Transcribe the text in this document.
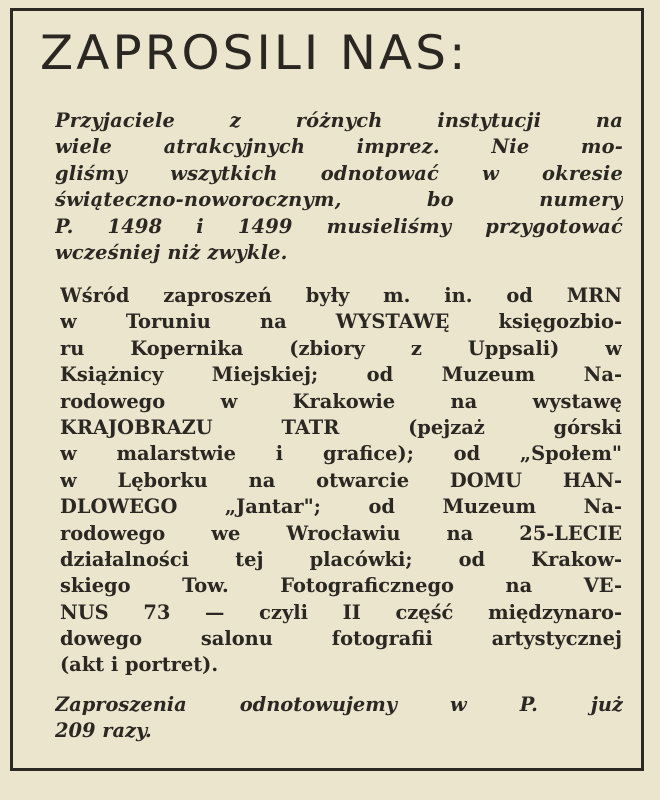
ZAPROSILI NAS:
Przyjaciele z różnych instytucji na
wiele atrakcyjnych imprez. Nie mo-
gliśmy wszytkich odnotować w okresie
świąteczno-noworocznym, bo numery
P. 1498 i 1499 musieliśmy przygotować
wcześniej niż zwykle.
Wśród zaproszeń były m. in. od MRN
w Toruniu na WYSTAWĘ księgozbio-
ru Kopernika (zbiory z Uppsali) w
Książnicy Miejskiej; od Muzeum Na-
rodowego w Krakowie na wystawę
KRAJOBRAZU TATR (pejzaż górski
w malarstwie i grafice); od „Społem"
w Lęborku na otwarcie DOMU HAN-
DLOWEGO „Jantar"; od Muzeum Na-
rodowego we Wrocławiu na 25-LECIE
działalności tej placówki; od Krakow-
skiego Tow. Fotograficznego na VE-
NUS 73 — czyli II część międzynaro-
dowego salonu fotografii artystycznej
(akt i portret).
Zaproszenia odnotowujemy w P. już
209 razy.
